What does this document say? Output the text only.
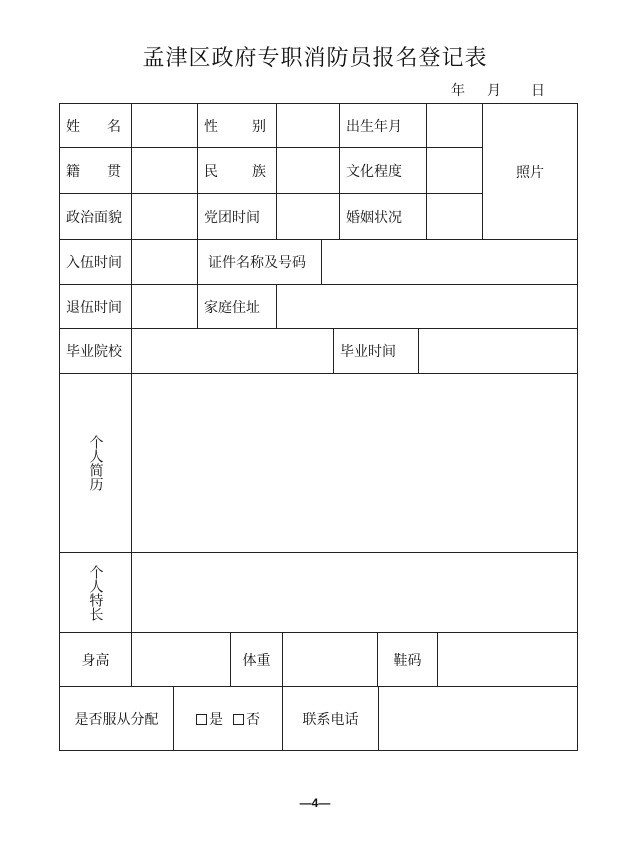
孟津区政府专职消防员报名登记表
年 月 日
姓 名	性 别	出生年月
照片
籍 贯	民 族	文化程度
政治面貌	党团时间	婚姻状况
入伍时间	证件名称及号码
退伍时间	家庭住址
毕业院校	毕业时间
个人简历
个人特长
身高	体重	鞋码
是否服从分配	是	否	联系电话
—4—
